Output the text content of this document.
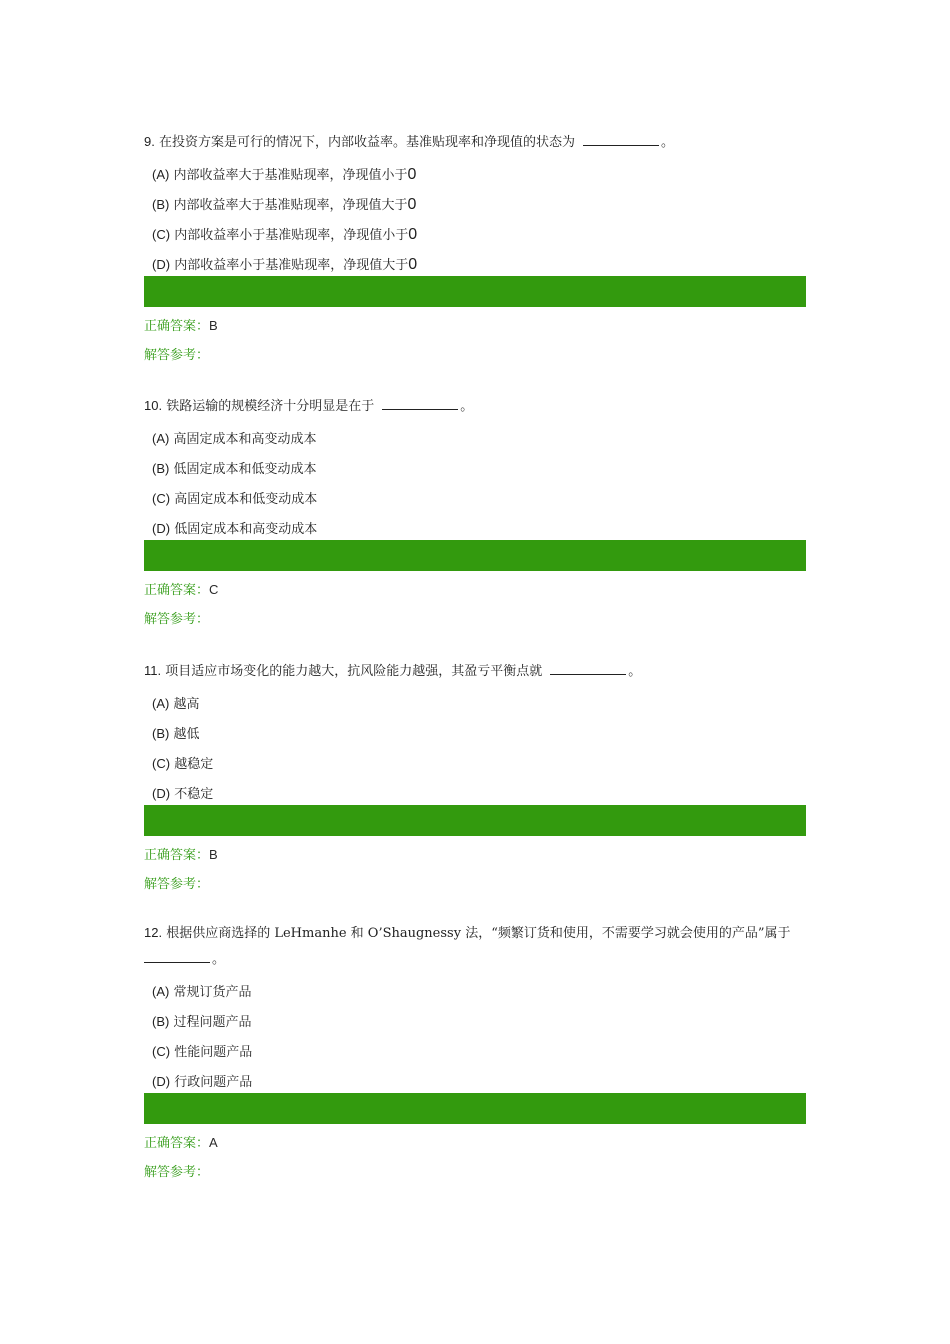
9. 在投资方案是可行的情况下，内部收益率。基准贴现率和净现值的状态为	。

(A) 内部收益率大于基准贴现率，净现值小于0
(B) 内部收益率大于基准贴现率，净现值大于0
(C) 内部收益率小于基准贴现率，净现值小于0
(D) 内部收益率小于基准贴现率，净现值大于0
正确答案：B
解答参考：

10. 铁路运输的规模经济十分明显是在于	。

(A) 高固定成本和高变动成本
(B) 低固定成本和低变动成本
(C) 高固定成本和低变动成本
(D) 低固定成本和高变动成本
正确答案：C
解答参考：

11. 项目适应市场变化的能力越大，抗风险能力越强，其盈亏平衡点就	。

(A) 越高
(B) 越低
(C) 越稳定
(D) 不稳定
正确答案：B
解答参考：

12. 根据供应商选择的 LeHmanhe 和 O’Shaugnessy 法，“频繁订货和使用，不需要学习就会使用的产品”属于。

(A) 常规订货产品
(B) 过程问题产品
(C) 性能问题产品
(D) 行政问题产品
正确答案：A
解答参考：
